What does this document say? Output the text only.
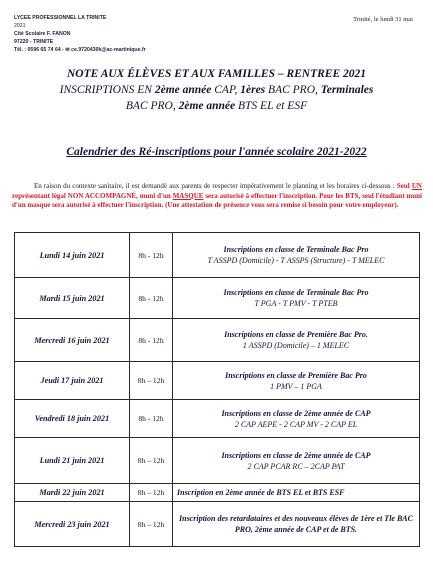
LYCEE PROFESSIONNEL LA TRINITE
2021
Cité Scolaire F. FANON
97220 - TRINITE
Tél. : 0596 65 74 64 - ✉ ce.9720430k@ac-martinique.fr
Trinité, le lundi 31 mai
NOTE AUX ÉLÈVES ET AUX FAMILLES – RENTREE 2021
INSCRIPTIONS EN 2ème année CAP, 1ères BAC PRO, Terminales
BAC PRO, 2ème année BTS EL et ESF
Calendrier des Ré-inscriptions pour l'année scolaire 2021-2022
En raison du contexte sanitaire, il est demandé aux parents de respecter impérativement le planning et les horaires ci-dessous : Seul UN représentant légal NON ACCOMPAGNÉ, muni d'un MASQUE sera autorisé à effectuer l'inscription. Pour les BTS, seul l'étudiant muni d'un masque sera autorisé à effectuer l'inscription. (Une attestation de présence vous sera remise si besoin pour votre employeur).
Lundi 14 juin 2021	8h - 12h	Inscriptions en classe de Terminale Bac Pro
T ASSPD (Domicile) - T ASSPS (Structure) - T MELEC

Mardi 15 juin 2021	8h - 12h	Inscriptions en classe de Terminale Bac Pro
T PGA - T PMV - T PTEB

Mercredi 16 juin 2021	8h - 12h	Inscriptions en classe de Première Bac Pro.
1 ASSPD (Domicile) – 1 MELEC

Jeudi 17 juin 2021	8h – 12h	Inscriptions en classe de Première Bac Pro
1 PMV – 1 PGA

Vendredi 18 juin 2021	8h - 12h	Inscriptions en classe de 2ème année de CAP
2 CAP AEPE - 2 CAP MV - 2 CAP EL

Lundi 21 juin 2021	8h – 12h	Inscriptions en classe de 2ème année de CAP
2 CAP PCAR RC – 2CAP PAT

Mardi 22 juin 2021	8h – 12h	Inscription en 2ème année de BTS EL et BTS ESF

Mercredi 23 juin 2021	8h – 12h	Inscription des retardataires et des nouveaux élèves de 1ère et Tle BAC PRO, 2ème année de CAP et de BTS.
